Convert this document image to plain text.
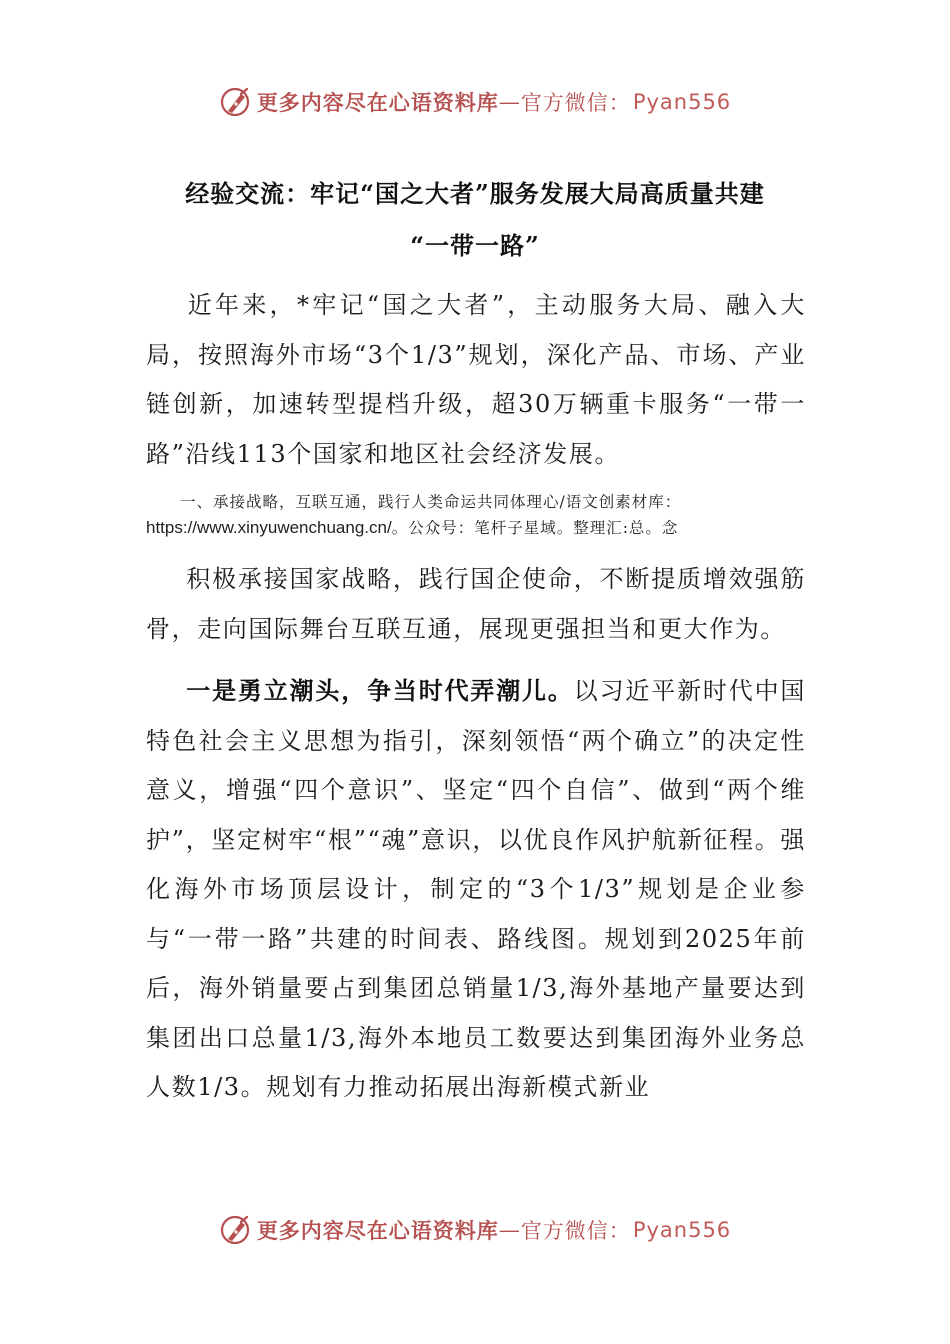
更多内容尽在心语资料库 — 官方微信： Pyan556
经验交流：牢记“国之大者”服务发展大局高质量共建
“一带一路”
近年来，*牢记“国之大者”，主动服务大局、融入大局，按照海外市场“3个1/3”规划，深化产品、市场、产业链创新，加速转型提档升级，超30万辆重卡服务“一带一路”沿线113个国家和地区社会经济发展。
一、承接战略，互联互通，践行人类命运共同体理心/语文创素材库：https://www.xinyuwenchuang.cn/。公众号：笔杆子星域。整理汇:总。念
积极承接国家战略，践行国企使命，不断提质增效强筋骨，走向国际舞台互联互通，展现更强担当和更大作为。
一是勇立潮头，争当时代弄潮儿。以习近平新时代中国特色社会主义思想为指引，深刻领悟“两个确立”的决定性意义，增强“四个意识”、坚定“四个自信”、做到“两个维护”，坚定树牢“根”“魂”意识，以优良作风护航新征程。强化海外市场顶层设计，制定的“3个1/3”规划是企业参与“一带一路”共建的时间表、路线图。规划到2025年前后，海外销量要占到集团总销量1/3,海外基地产量要达到集团出口总量1/3,海外本地员工数要达到集团海外业务总人数1/3。规划有力推动拓展出海新模式新业
更多内容尽在心语资料库 — 官方微信： Pyan556
